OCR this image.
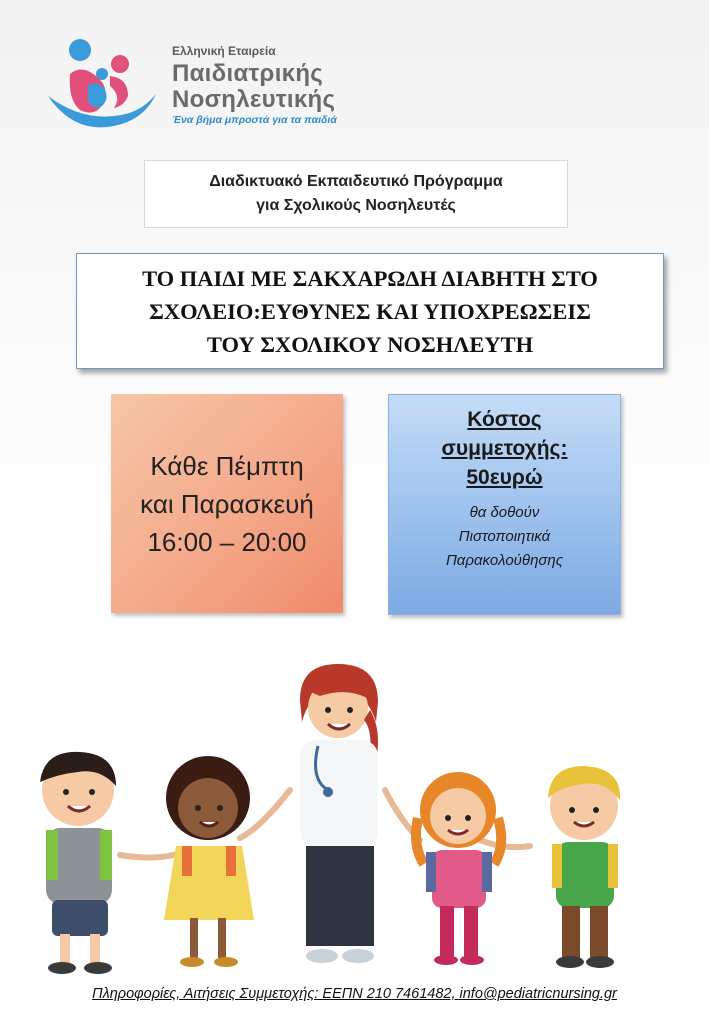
Ελληνική Εταιρεία
Παιδιατρικής
Νοσηλευτικής
Ένα βήμα μπροστά για τα παιδιά
Διαδικτυακό Εκπαιδευτικό Πρόγραμμα
για Σχολικούς Νοσηλευτές
ΤΟ ΠΑΙΔΙ ΜΕ ΣΑΚΧΑΡΩΔΗ ΔΙΑΒΗΤΗ ΣΤΟ
ΣΧΟΛΕΙΟ:ΕΥΘΥΝΕΣ ΚΑΙ ΥΠΟΧΡΕΩΣΕΙΣ
ΤΟΥ ΣΧΟΛΙΚΟΥ ΝΟΣΗΛΕΥΤΗ
Κάθε Πέμπτη
και Παρασκευή
16:00 – 20:00
Κόστος
συμμετοχής:
50ευρώ
θα δοθούν
Πιστοποιητικά
Παρακολούθησης
Πληροφορίες, Αιτήσεις Συμμετοχής: ΕΕΠΝ 210 7461482, info@pediatricnursing.gr
